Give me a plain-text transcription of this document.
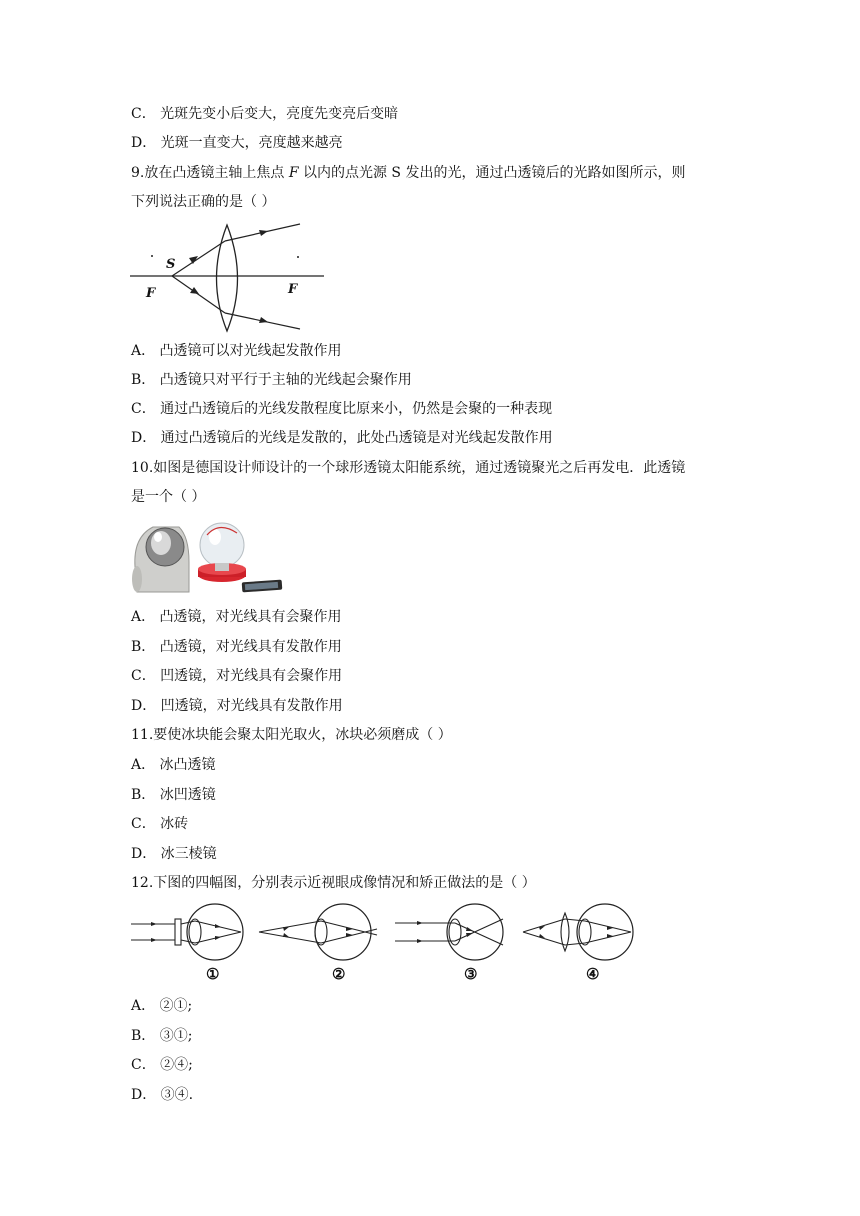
C． 光斑先变小后变大，亮度先变亮后变暗
D． 光斑一直变大，亮度越来越亮
9.放在凸透镜主轴上焦点 F 以内的点光源 S 发出的光，通过凸透镜后的光路如图所示，则
下列说法正确的是（ ）
S
F	F
A． 凸透镜可以对光线起发散作用
B． 凸透镜只对平行于主轴的光线起会聚作用
C． 通过凸透镜后的光线发散程度比原来小，仍然是会聚的一种表现
D． 通过凸透镜后的光线是发散的，此处凸透镜是对光线起发散作用
10.如图是德国设计师设计的一个球形透镜太阳能系统，通过透镜聚光之后再发电．此透镜
是一个（ ）
A． 凸透镜，对光线具有会聚作用
B． 凸透镜，对光线具有发散作用
C． 凹透镜，对光线具有会聚作用
D． 凹透镜，对光线具有发散作用
11.要使冰块能会聚太阳光取火，冰块必须磨成（ ）
A． 冰凸透镜
B． 冰凹透镜
C． 冰砖
D． 冰三棱镜
12.下图的四幅图，分别表示近视眼成像情况和矫正做法的是（ ）
①	②	③	④
A． ②①;
B． ③①;
C． ②④;
D． ③④.
